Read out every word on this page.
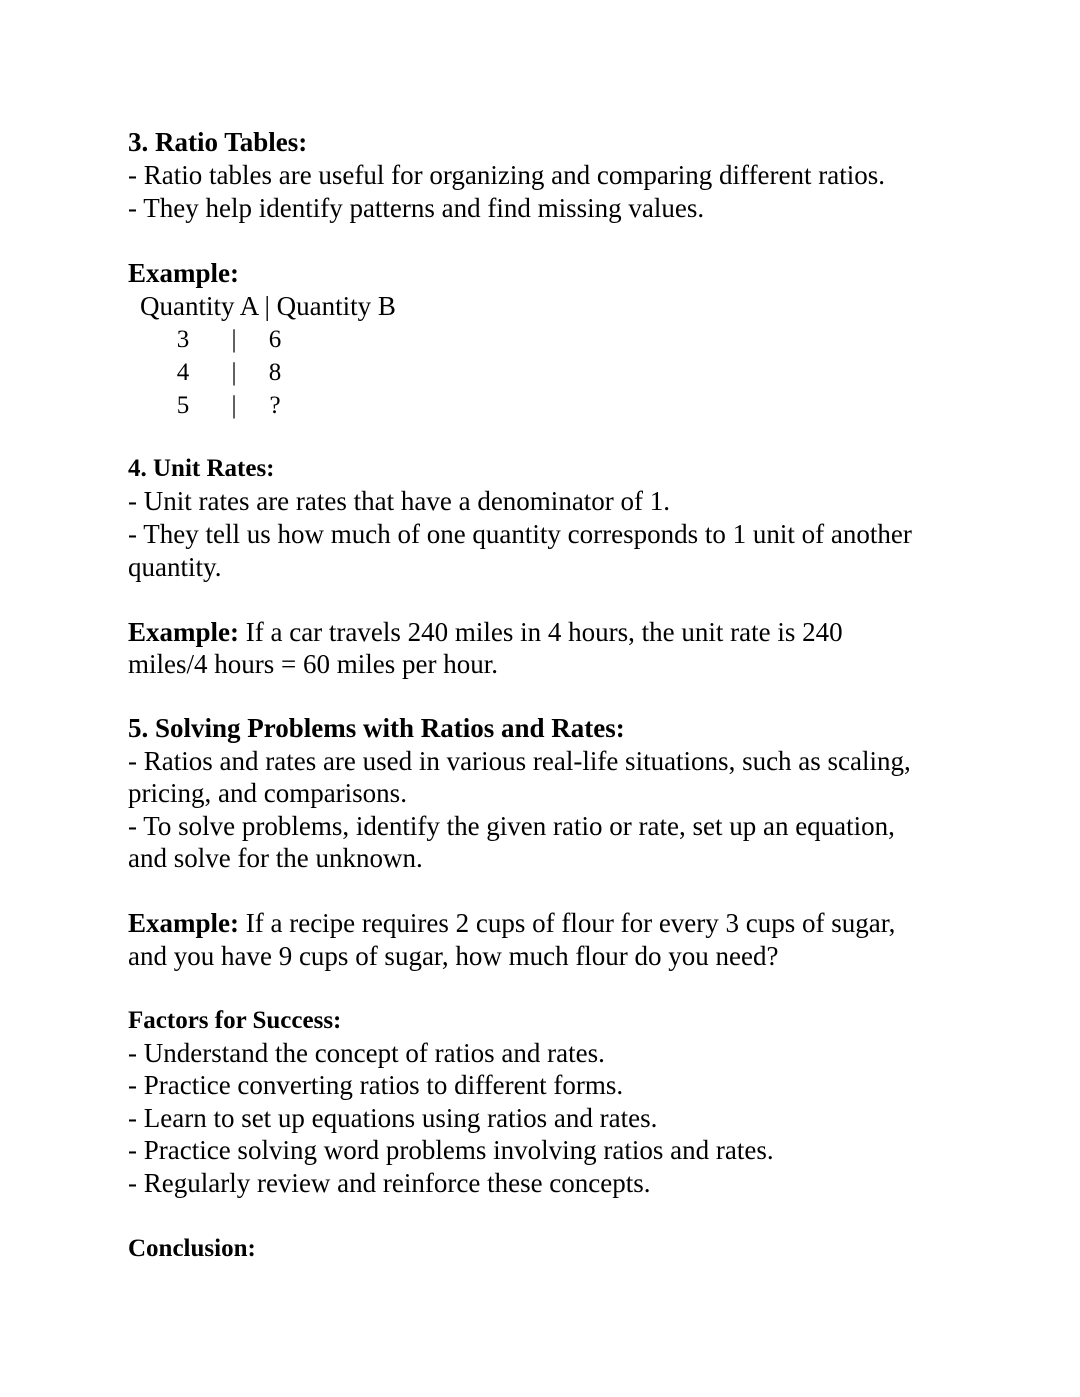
3. Ratio Tables:
- Ratio tables are useful for organizing and comparing different ratios.
- They help identify patterns and find missing values.
Example:
Quantity A | Quantity B
3 | 6
4 | 8
5 | ?
4. Unit Rates:
- Unit rates are rates that have a denominator of 1.
- They tell us how much of one quantity corresponds to 1 unit of another
quantity.
Example: If a car travels 240 miles in 4 hours, the unit rate is 240
miles/4 hours = 60 miles per hour.
5. Solving Problems with Ratios and Rates:
- Ratios and rates are used in various real-life situations, such as scaling,
pricing, and comparisons.
- To solve problems, identify the given ratio or rate, set up an equation,
and solve for the unknown.
Example: If a recipe requires 2 cups of flour for every 3 cups of sugar,
and you have 9 cups of sugar, how much flour do you need?
Factors for Success:
- Understand the concept of ratios and rates.
- Practice converting ratios to different forms.
- Learn to set up equations using ratios and rates.
- Practice solving word problems involving ratios and rates.
- Regularly review and reinforce these concepts.
Conclusion:
